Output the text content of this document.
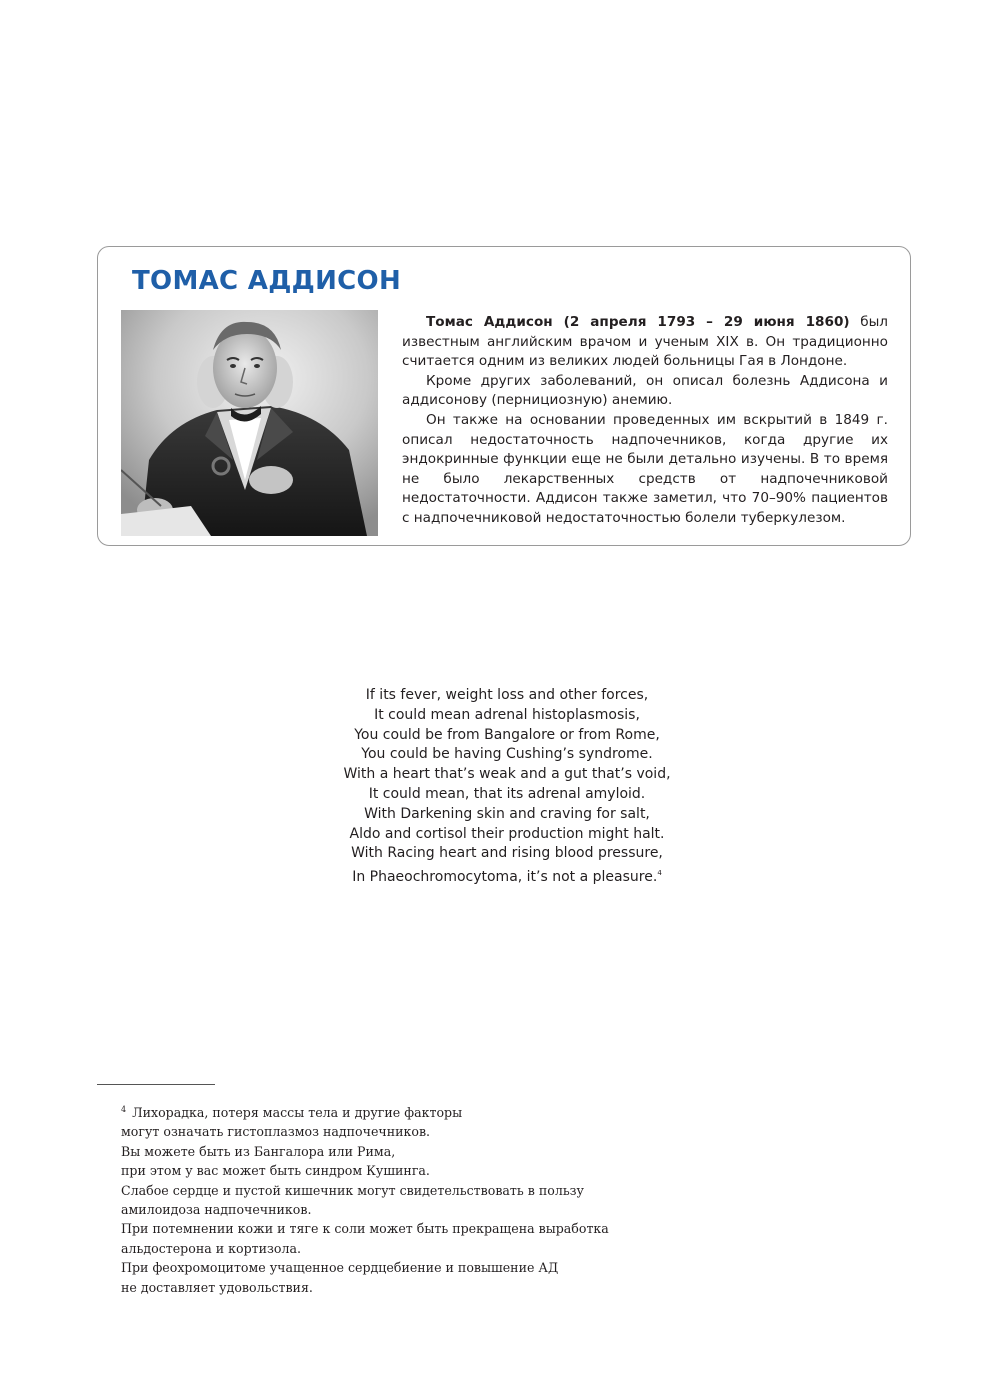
ТОМАС АДДИСОН

Томас Аддисон (2 апреля 1793 – 29 июня 1860) был известным английским врачом и ученым XIX в. Он традиционно считается одним из великих людей больницы Гая в Лондоне.

Кроме других заболеваний, он описал болезнь Аддисона и аддисонову (пернициозную) анемию.

Он также на основании проведенных им вскрытий в 1849 г. описал недостаточность надпочечников, когда другие их эндокринные функции еще не были детально изучены. В то время не было лекарственных средств от надпочечниковой недостаточности. Аддисон также заметил, что 70–90% пациентов с надпочечниковой недостаточностью болели туберкулезом.

If its fever, weight loss and other forces,
It could mean adrenal histoplasmosis,
You could be from Bangalore or from Rome,
You could be having Cushing’s syndrome.
With a heart that’s weak and a gut that’s void,
It could mean, that its adrenal amyloid.
With Darkening skin and craving for salt,
Aldo and cortisol their production might halt.
With Racing heart and rising blood pressure,
In Phaeochromocytoma, it’s not a pleasure.$^4$
$^4$ Лихорадка, потеря массы тела и другие факторы
могут означать гистоплазмоз надпочечников.
Вы можете быть из Бангалора или Рима,
при этом у вас может быть синдром Кушинга.
Слабое сердце и пустой кишечник могут свидетельствовать в пользу
амилоидоза надпочечников.
При потемнении кожи и тяге к соли может быть прекращена выработка
альдостерона и кортизола.
При феохромоцитоме учащенное сердцебиение и повышение АД
не доставляет удовольствия.
